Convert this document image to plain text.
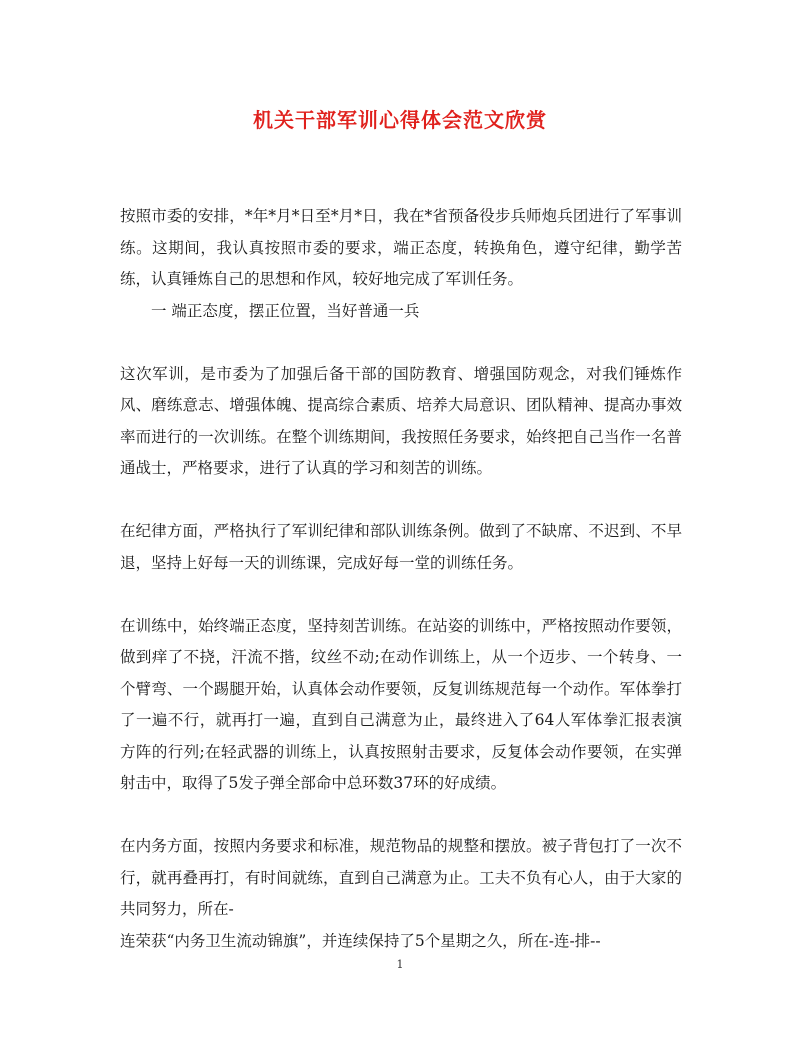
机关干部军训心得体会范文欣赏

按照市委的安排，*年*月*日至*月*日，我在*省预备役步兵师炮兵团进行了军事训练。这期间，我认真按照市委的要求，端正态度，转换角色，遵守纪律，勤学苦练，认真锤炼自己的思想和作风，较好地完成了军训任务。

一 端正态度，摆正位置，当好普通一兵

这次军训，是市委为了加强后备干部的国防教育、增强国防观念，对我们锤炼作风、磨练意志、增强体魄、提高综合素质、培养大局意识、团队精神、提高办事效率而进行的一次训练。在整个训练期间，我按照任务要求，始终把自己当作一名普通战士，严格要求，进行了认真的学习和刻苦的训练。

在纪律方面，严格执行了军训纪律和部队训练条例。做到了不缺席、不迟到、不早退，坚持上好每一天的训练课，完成好每一堂的训练任务。

在训练中，始终端正态度，坚持刻苦训练。在站姿的训练中，严格按照动作要领，做到痒了不挠，汗流不揩，纹丝不动;在动作训练上，从一个迈步、一个转身、一个臂弯、一个踢腿开始，认真体会动作要领，反复训练规范每一个动作。军体拳打了一遍不行，就再打一遍，直到自己满意为止，最终进入了64人军体拳汇报表演方阵的行列;在轻武器的训练上，认真按照射击要求，反复体会动作要领，在实弹射击中，取得了5发子弹全部命中总环数37环的好成绩。

在内务方面，按照内务要求和标准，规范物品的规整和摆放。被子背包打了一次不行，就再叠再打，有时间就练，直到自己满意为止。工夫不负有心人，由于大家的共同努力，所在-

连荣获“内务卫生流动锦旗”，并连续保持了5个星期之久，所在-连-排--

1
